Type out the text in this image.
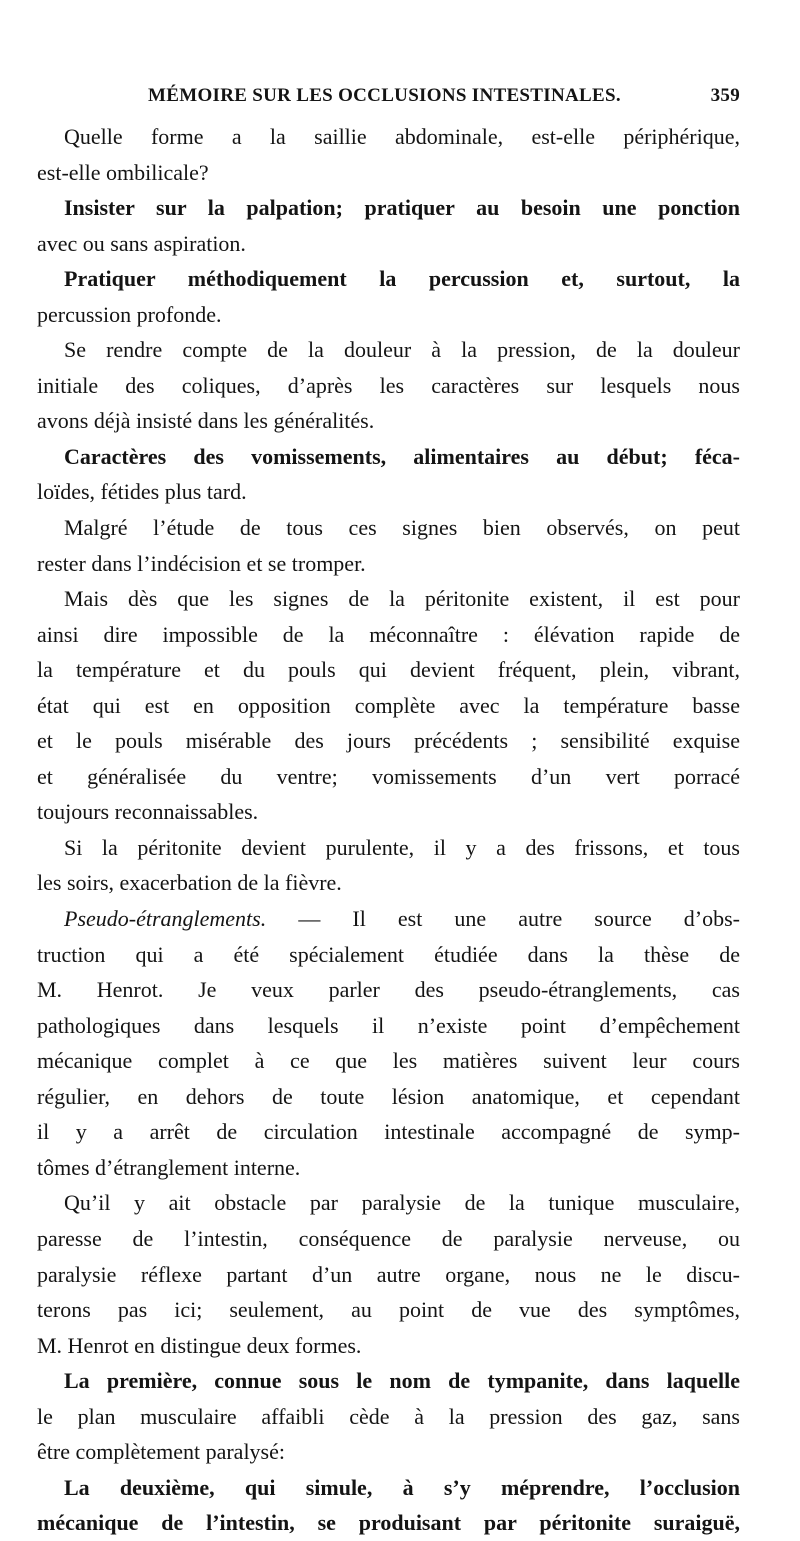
MÉMOIRE SUR LES OCCLUSIONS INTESTINALES.	359
Quelle forme a la saillie abdominale, est-elle périphérique,
est-elle ombilicale?
Insister sur la palpation; pratiquer au besoin une ponction
avec ou sans aspiration.
Pratiquer méthodiquement la percussion et, surtout, la
percussion profonde.
Se rendre compte de la douleur à la pression, de la douleur
initiale des coliques, d’après les caractères sur lesquels nous
avons déjà insisté dans les généralités.
Caractères des vomissements, alimentaires au début; féca-
loïdes, fétides plus tard.
Malgré l’étude de tous ces signes bien observés, on peut
rester dans l’indécision et se tromper.
Mais dès que les signes de la péritonite existent, il est pour
ainsi dire impossible de la méconnaître : élévation rapide de
la température et du pouls qui devient fréquent, plein, vibrant,
état qui est en opposition complète avec la température basse
et le pouls misérable des jours précédents ; sensibilité exquise
et généralisée du ventre; vomissements d’un vert porracé
toujours reconnaissables.
Si la péritonite devient purulente, il y a des frissons, et tous
les soirs, exacerbation de la fièvre.
Pseudo-étranglements. — Il est une autre source d’obs-
truction qui a été spécialement étudiée dans la thèse de
M. Henrot. Je veux parler des pseudo-étranglements, cas
pathologiques dans lesquels il n’existe point d’empêchement
mécanique complet à ce que les matières suivent leur cours
régulier, en dehors de toute lésion anatomique, et cependant
il y a arrêt de circulation intestinale accompagné de symp-
tômes d’étranglement interne.
Qu’il y ait obstacle par paralysie de la tunique musculaire,
paresse de l’intestin, conséquence de paralysie nerveuse, ou
paralysie réflexe partant d’un autre organe, nous ne le discu-
terons pas ici; seulement, au point de vue des symptômes,
M. Henrot en distingue deux formes.
La première, connue sous le nom de tympanite, dans laquelle
le plan musculaire affaibli cède à la pression des gaz, sans
être complètement paralysé:
La deuxième, qui simule, à s’y méprendre, l’occlusion
mécanique de l’intestin, se produisant par péritonite suraiguë,
